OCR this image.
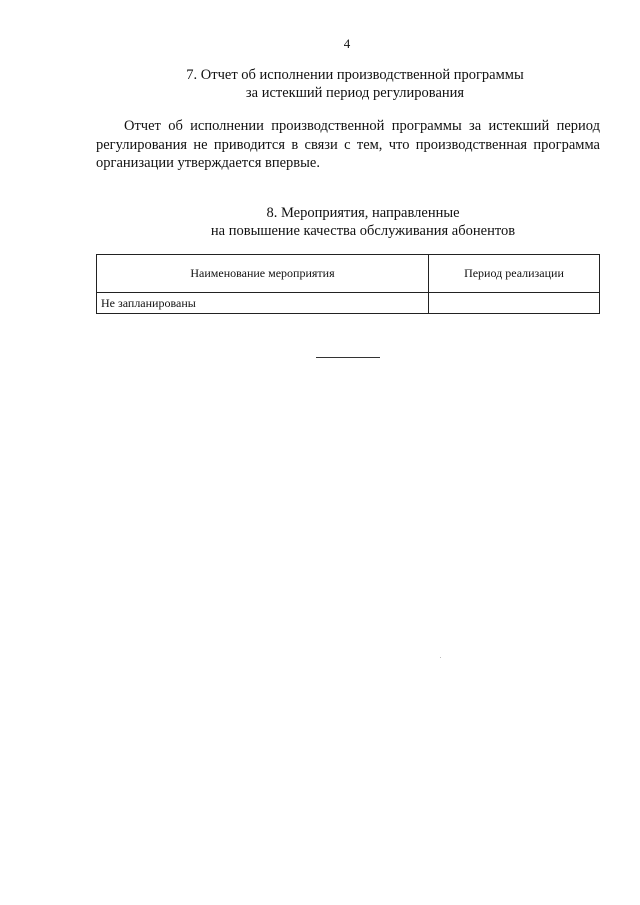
4
7. Отчет об исполнении производственной программы
за истекший период регулирования

Отчет об исполнении производственной программы за истекший период регулирования не приводится в связи с тем, что производственная программа организации утверждается впервые.

8. Мероприятия, направленные
на повышение качества обслуживания абонентов
Наименование мероприятия	Период реализации
Не запланированы	
